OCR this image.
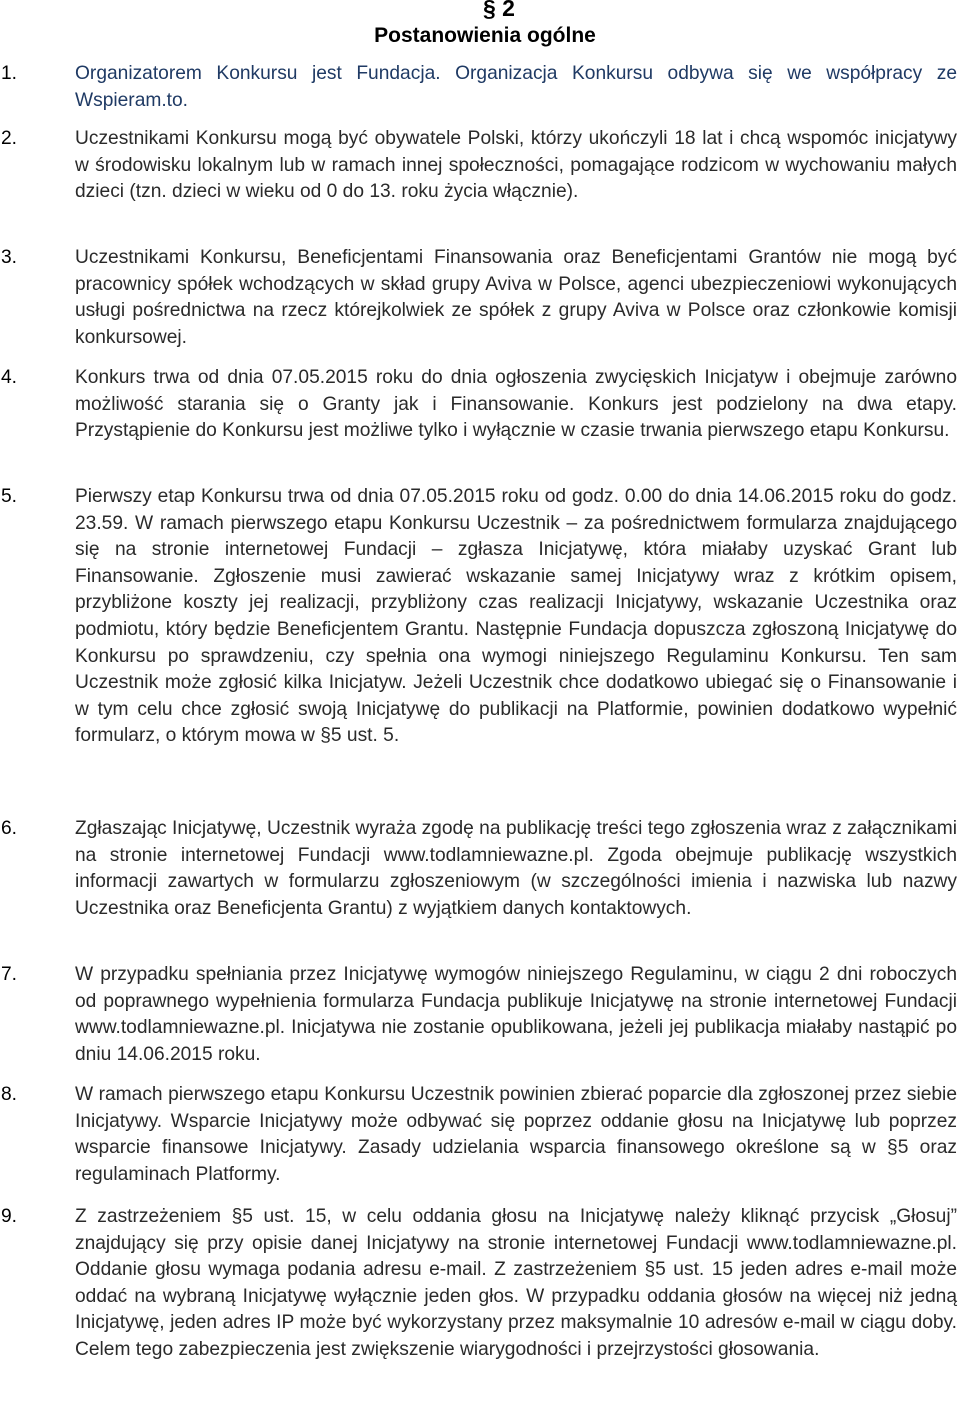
§ 2
Postanowienia ogólne
1.	Organizatorem Konkursu jest Fundacja. Organizacja Konkursu odbywa się we współpracy ze Wspieram.to.
2.	Uczestnikami Konkursu mogą być obywatele Polski, którzy ukończyli 18 lat i chcą wspomóc inicjatywy w środowisku lokalnym lub w ramach innej społeczności, pomagające rodzicom w wychowaniu małych dzieci (tzn. dzieci w wieku od 0 do 13. roku życia włącznie).
3.	Uczestnikami Konkursu, Beneficjentami Finansowania oraz Beneficjentami Grantów nie mogą być pracownicy spółek wchodzących w skład grupy Aviva w Polsce, agenci ubezpieczeniowi wykonujących usługi pośrednictwa na rzecz którejkolwiek ze spółek z grupy Aviva w Polsce oraz członkowie komisji konkursowej.
4.	Konkurs trwa od dnia 07.05.2015 roku do dnia ogłoszenia zwycięskich Inicjatyw i obejmuje zarówno możliwość starania się o Granty jak i Finansowanie. Konkurs jest podzielony na dwa etapy. Przystąpienie do Konkursu jest możliwe tylko i wyłącznie w czasie trwania pierwszego etapu Konkursu.
5.	Pierwszy etap Konkursu trwa od dnia 07.05.2015 roku od godz. 0.00 do dnia 14.06.2015 roku do godz. 23.59. W ramach pierwszego etapu Konkursu Uczestnik – za pośrednictwem formularza znajdującego się na stronie internetowej Fundacji – zgłasza Inicjatywę, która miałaby uzyskać Grant lub Finansowanie. Zgłoszenie musi zawierać wskazanie samej Inicjatywy wraz z krótkim opisem, przybliżone koszty jej realizacji, przybliżony czas realizacji Inicjatywy, wskazanie Uczestnika oraz podmiotu, który będzie Beneficjentem Grantu. Następnie Fundacja dopuszcza zgłoszoną Inicjatywę do Konkursu po sprawdzeniu, czy spełnia ona wymogi niniejszego Regulaminu Konkursu. Ten sam Uczestnik może zgłosić kilka Inicjatyw. Jeżeli Uczestnik chce dodatkowo ubiegać się o Finansowanie i w tym celu chce zgłosić swoją Inicjatywę do publikacji na Platformie, powinien dodatkowo wypełnić formularz, o którym mowa w §5 ust. 5.
6.	Zgłaszając Inicjatywę, Uczestnik wyraża zgodę na publikację treści tego zgłoszenia wraz z załącznikami na stronie internetowej Fundacji www.todlamniewazne.pl. Zgoda obejmuje publikację wszystkich informacji zawartych w formularzu zgłoszeniowym (w szczególności imienia i nazwiska lub nazwy Uczestnika oraz Beneficjenta Grantu) z wyjątkiem danych kontaktowych.
7.	W przypadku spełniania przez Inicjatywę wymogów niniejszego Regulaminu, w ciągu 2 dni roboczych od poprawnego wypełnienia formularza Fundacja publikuje Inicjatywę na stronie internetowej Fundacji www.todlamniewazne.pl. Inicjatywa nie zostanie opublikowana, jeżeli jej publikacja miałaby nastąpić po dniu 14.06.2015 roku.
8.	W ramach pierwszego etapu Konkursu Uczestnik powinien zbierać poparcie dla zgłoszonej przez siebie Inicjatywy. Wsparcie Inicjatywy może odbywać się poprzez oddanie głosu na Inicjatywę lub poprzez wsparcie finansowe Inicjatywy. Zasady udzielania wsparcia finansowego określone są w §5 oraz regulaminach Platformy.
9.	Z zastrzeżeniem §5 ust. 15, w celu oddania głosu na Inicjatywę należy kliknąć przycisk „Głosuj” znajdujący się przy opisie danej Inicjatywy na stronie internetowej Fundacji www.todlamniewazne.pl. Oddanie głosu wymaga podania adresu e-mail. Z zastrzeżeniem §5 ust. 15 jeden adres e-mail może oddać na wybraną Inicjatywę wyłącznie jeden głos. W przypadku oddania głosów na więcej niż jedną Inicjatywę, jeden adres IP może być wykorzystany przez maksymalnie 10 adresów e-mail w ciągu doby. Celem tego zabezpieczenia jest zwiększenie wiarygodności i przejrzystości głosowania.
